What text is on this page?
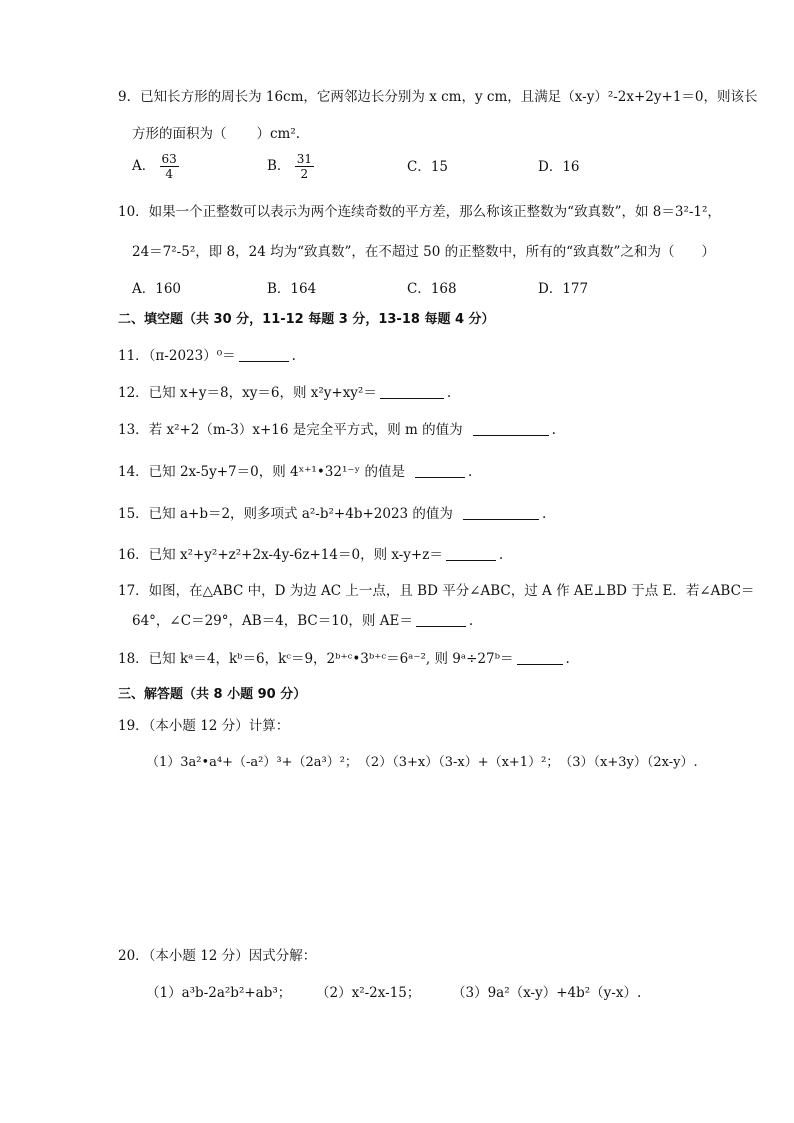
9．已知长方形的周长为 16cm，它两邻边长分别为 x cm，y cm，且满足（x-y）²-2x+2y+1＝0，则该长
方形的面积为（ ）cm².
A． $\frac{63}{4}$	B． $\frac{31}{2}$	C．15	D．16
10．如果一个正整数可以表示为两个连续奇数的平方差，那么称该正整数为“致真数”，如 8＝3²-1²，
24＝7²-5²，即 8，24 均为“致真数”，在不超过 50 的正整数中，所有的“致真数”之和为（　　）
A．160	B．164	C．168	D．177
二、填空题（共 30 分，11-12 每题 3 分，13-18 每题 4 分）
11．（π-2023）⁰＝	.
12．已知 x+y＝8，xy＝6，则 x²y+xy²＝	.
13．若 x²+2（m-3）x+16 是完全平方式，则 m 的值为	.
14．已知 2x-5y+7＝0，则 4ˣ⁺¹•32¹⁻ʸ 的值是	.
15．已知 a+b＝2，则多项式 a²-b²+4b+2023 的值为	.
16．已知 x²+y²+z²+2x-4y-6z+14＝0，则 x-y+z＝	.
17．如图，在△ABC 中，D 为边 AC 上一点，且 BD 平分∠ABC，过 A 作 AE⊥BD 于点 E．若∠ABC＝
64°，∠C＝29°，AB＝4，BC＝10，则 AE＝	.
18．已知 kᵃ＝4，kᵇ＝6，kᶜ＝9，2ᵇ⁺ᶜ•3ᵇ⁺ᶜ＝6ᵃ⁻², 则 9ᵃ÷27ᵇ＝	.
三、解答题（共 8 小题 90 分）
19．（本小题 12 分）计算：
（1）3a²•a⁴+（-a²）³+（2a³）²；　（2）（3+x）（3-x）+（x+1）²；　（3）（x+3y）（2x-y）.
20．（本小题 12 分）因式分解：
（1）a³b-2a²b²+ab³； （2）x²-2x-15； （3）9a²（x-y）+4b²（y-x）.
